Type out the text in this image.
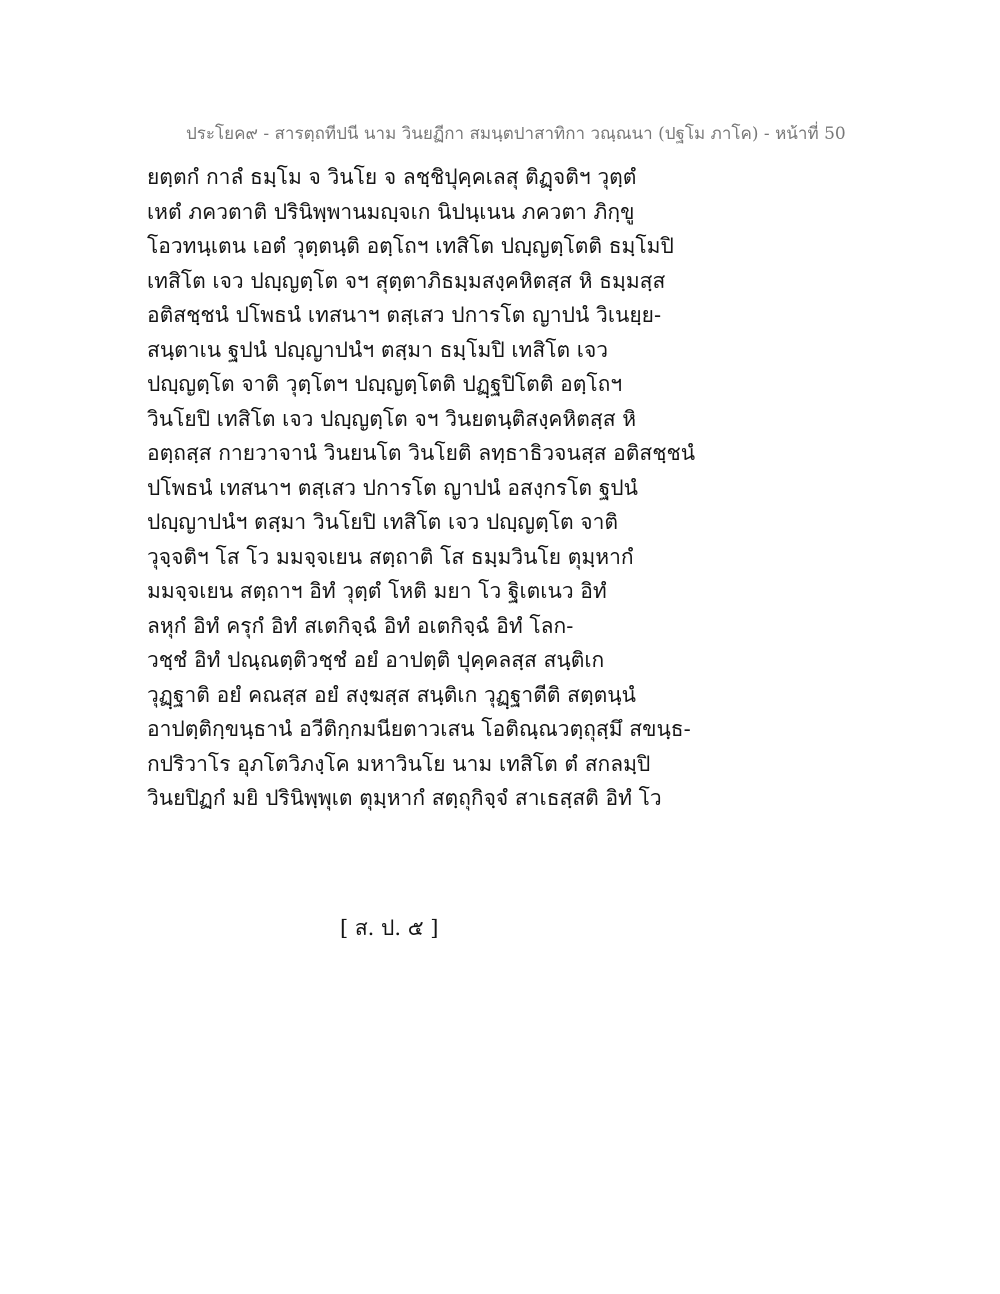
ประโยค๙ - สารตฺถทีปนี นาม วินยฏีกา สมนฺตปาสาทิกา วณฺณนา (ปฐโม ภาโค) - หน้าที่ 50
ยตฺตกํ กาลํ ธมฺโม จ วินโย จ ลชฺชิปุคฺคเลสุ ติฏฺจติฯ วุตฺตํ
เหตํ ภควตาติ ปรินิพฺพานมญฺจเก นิปนฺเนน ภควตา ภิกฺขู
โอวทนฺเตน เอตํ วุตฺตนฺติ อตฺโถฯ เทสิโต ปญฺญตฺโตติ ธมฺโมปิ
เทสิโต เจว ปญฺญตฺโต จฯ สุตฺตาภิธมฺมสงฺคหิตสฺส หิ ธมฺมสฺส
อติสชฺชนํ ปโพธนํ เทสนาฯ ตสฺเสว ปการโต ญาปนํ วิเนยฺย-
สนฺตาเน ฐปนํ ปญฺญาปนํฯ ตสฺมา ธมฺโมปิ เทสิโต เจว
ปญฺญตฺโต จาติ วุตฺโตฯ ปญฺญตฺโตติ ปฏฺฐปิโตติ อตฺโถฯ
วินโยปิ เทสิโต เจว ปญฺญตฺโต จฯ วินยตนฺติสงฺคหิตสฺส หิ
อตฺถสฺส กายวาจานํ วินยนโต วินโยติ ลทฺธาธิวจนสฺส อติสชฺชนํ
ปโพธนํ เทสนาฯ ตสฺเสว ปการโต ญาปนํ อสงฺกรโต ฐปนํ
ปญฺญาปนํฯ ตสฺมา วินโยปิ เทสิโต เจว ปญฺญตฺโต จาติ
วุจฺจติฯ โส โว มมจฺจเยน สตฺถาติ โส ธมฺมวินโย ตุมฺหากํ
มมจฺจเยน สตฺถาฯ อิทํ วุตฺตํ โหติ มยา โว ฐิเตเนว อิทํ
ลหุกํ อิทํ ครุกํ อิทํ สเตกิจฺฉํ อิทํ อเตกิจฺฉํ อิทํ โลก-
วชฺชํ อิทํ ปณฺณตฺติวชฺชํ อยํ อาปตฺติ ปุคฺคลสฺส สนฺติเก
วุฏฺฐาติ อยํ คณสฺส อยํ สงฺฆสฺส สนฺติเก วุฏฺฐาตีติ สตฺตนฺนํ
อาปตฺติกฺขนฺธานํ อวีติกฺกมนียตาวเสน โอติณฺณวตฺถุสฺมึ สขนฺธ-
กปริวาโร อุภโตวิภงฺโค มหาวินโย นาม เทสิโต ตํ สกลมฺปิ
วินยปิฏกํ มยิ ปรินิพฺพุเต ตุมฺหากํ สตฺถุกิจฺจํ สาเธสฺสติ อิทํ โว
[ ส. ป. ๕ ]
